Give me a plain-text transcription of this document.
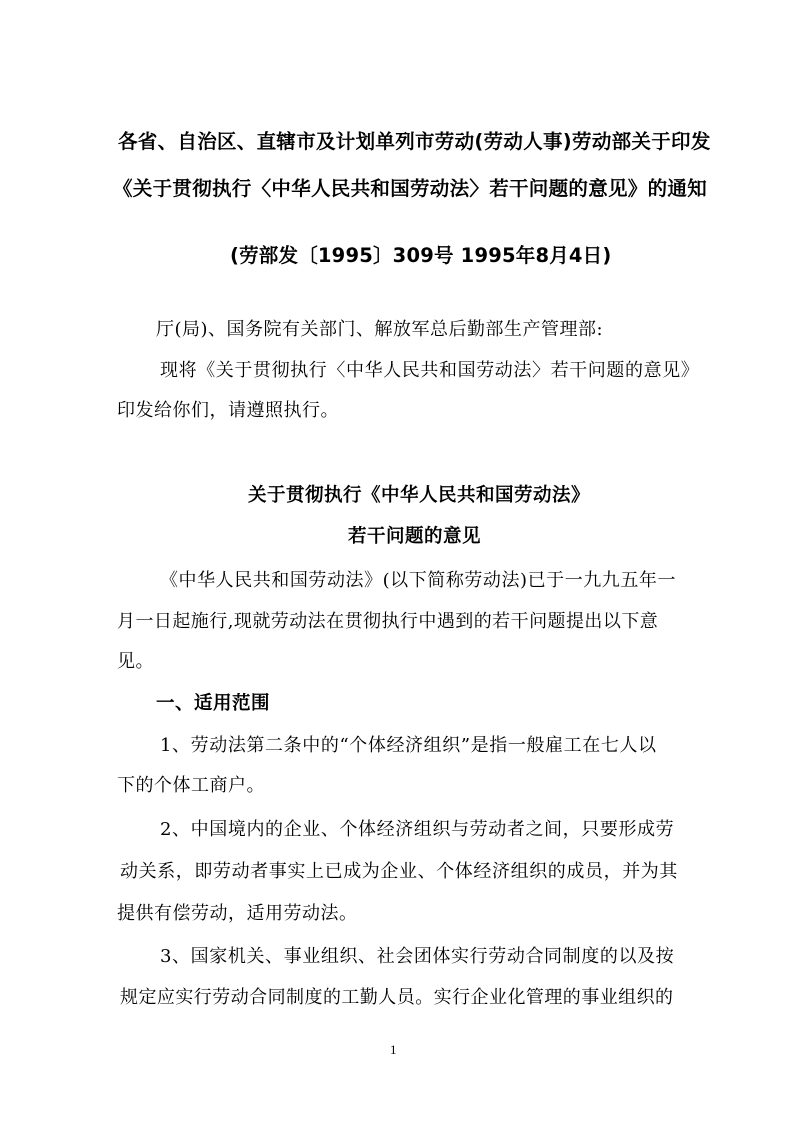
各省、自治区、直辖市及计划单列市劳动(劳动人事)劳动部关于印发
《关于贯彻执行〈中华人民共和国劳动法〉若干问题的意见》的通知
(劳部发〔1995〕309号 1995年8月4日)
厅(局)、国务院有关部门、解放军总后勤部生产管理部:
现将《关于贯彻执行〈中华人民共和国劳动法〉若干问题的意见》
印发给你们，请遵照执行。
关于贯彻执行《中华人民共和国劳动法》
若干问题的意见
《中华人民共和国劳动法》(以下简称劳动法)已于一九九五年一
月一日起施行,现就劳动法在贯彻执行中遇到的若干问题提出以下意
见。
一、适用范围
1、劳动法第二条中的“个体经济组织”是指一般雇工在七人以
下的个体工商户。
2、中国境内的企业、个体经济组织与劳动者之间，只要形成劳
动关系，即劳动者事实上已成为企业、个体经济组织的成员，并为其
提供有偿劳动，适用劳动法。
3、国家机关、事业组织、社会团体实行劳动合同制度的以及按
规定应实行劳动合同制度的工勤人员。实行企业化管理的事业组织的
1
